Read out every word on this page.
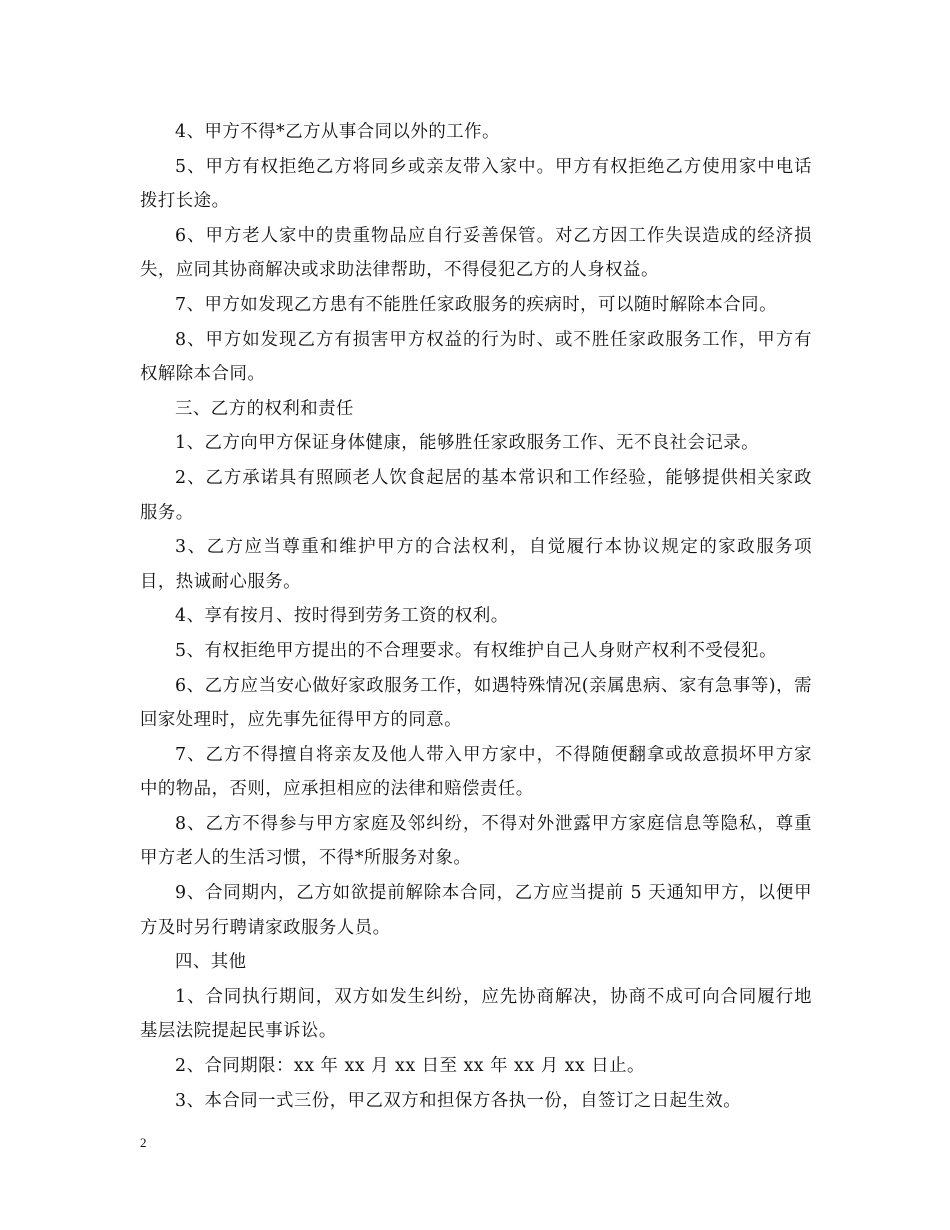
4、甲方不得*乙方从事合同以外的工作。

5、甲方有权拒绝乙方将同乡或亲友带入家中。甲方有权拒绝乙方使用家中电话拨打长途。

6、甲方老人家中的贵重物品应自行妥善保管。对乙方因工作失误造成的经济损失，应同其协商解决或求助法律帮助，不得侵犯乙方的人身权益。

7、甲方如发现乙方患有不能胜任家政服务的疾病时，可以随时解除本合同。

8、甲方如发现乙方有损害甲方权益的行为时、或不胜任家政服务工作，甲方有权解除本合同。

三、乙方的权利和责任

1、乙方向甲方保证身体健康，能够胜任家政服务工作、无不良社会记录。

2、乙方承诺具有照顾老人饮食起居的基本常识和工作经验，能够提供相关家政服务。

3、乙方应当尊重和维护甲方的合法权利，自觉履行本协议规定的家政服务项目，热诚耐心服务。

4、享有按月、按时得到劳务工资的权利。

5、有权拒绝甲方提出的不合理要求。有权维护自己人身财产权利不受侵犯。

6、乙方应当安心做好家政服务工作，如遇特殊情况(亲属患病、家有急事等)，需回家处理时，应先事先征得甲方的同意。

7、乙方不得擅自将亲友及他人带入甲方家中，不得随便翻拿或故意损坏甲方家中的物品，否则，应承担相应的法律和赔偿责任。

8、乙方不得参与甲方家庭及邻纠纷，不得对外泄露甲方家庭信息等隐私，尊重甲方老人的生活习惯，不得*所服务对象。

9、合同期内，乙方如欲提前解除本合同，乙方应当提前 5 天通知甲方，以便甲方及时另行聘请家政服务人员。

四、其他

1、合同执行期间，双方如发生纠纷，应先协商解决，协商不成可向合同履行地基层法院提起民事诉讼。

2、合同期限：xx 年 xx 月 xx 日至 xx 年 xx 月 xx 日止。

3、本合同一式三份，甲乙双方和担保方各执一份，自签订之日起生效。

2
